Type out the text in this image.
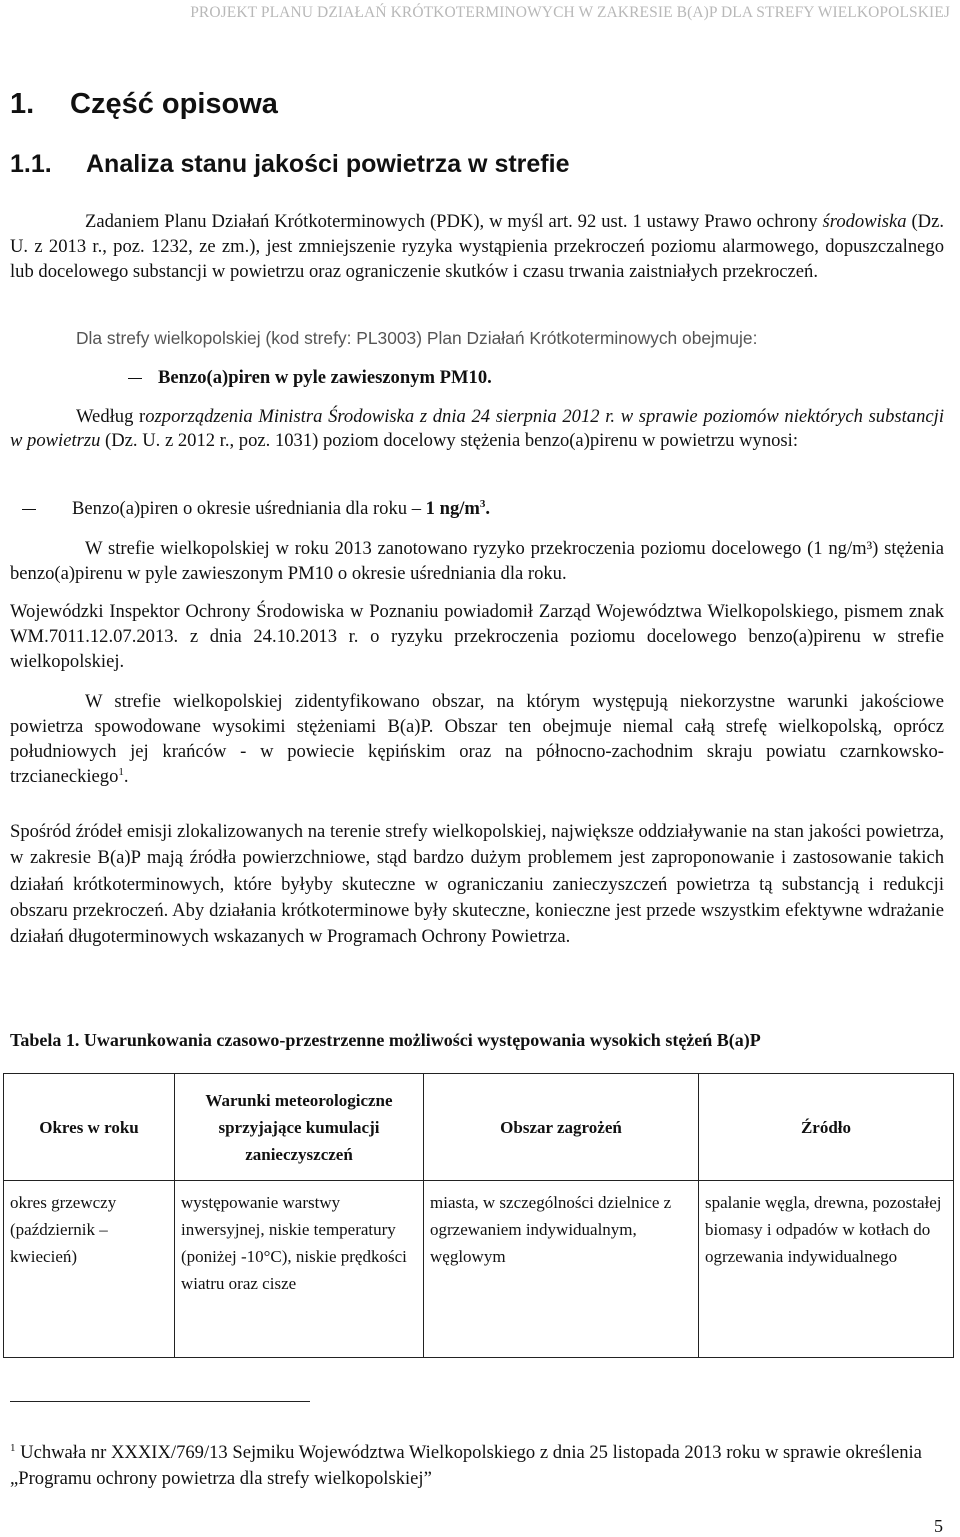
PROJEKT PLANU DZIAŁAŃ KRÓTKOTERMINOWYCH W ZAKRESIE B(A)P DLA STREFY WIELKOPOLSKIEJ
1. Część opisowa
1.1. Analiza stanu jakości powietrza w strefie
Zadaniem Planu Działań Krótkoterminowych (PDK), w myśl art. 92 ust. 1 ustawy Prawo ochrony środowiska (Dz. U. z 2013 r., poz. 1232, ze zm.), jest zmniejszenie ryzyka wystąpienia przekroczeń poziomu alarmowego, dopuszczalnego lub docelowego substancji w powietrzu oraz ograniczenie skutków i czasu trwania zaistniałych przekroczeń.
Dla strefy wielkopolskiej (kod strefy: PL3003) Plan Działań Krótkoterminowych obejmuje:
Benzo(a)piren w pyle zawieszonym PM10.
Według rozporządzenia Ministra Środowiska z dnia 24 sierpnia 2012 r. w sprawie poziomów niektórych substancji w powietrzu (Dz. U. z 2012 r., poz. 1031) poziom docelowy stężenia benzo(a)pirenu w powietrzu wynosi:
Benzo(a)piren o okresie uśredniania dla roku – 1 $ng/m^3$.
W strefie wielkopolskiej w roku 2013 zanotowano ryzyko przekroczenia poziomu docelowego (1 ng/m³) stężenia benzo(a)pirenu w pyle zawieszonym PM10 o okresie uśredniania dla roku.
Wojewódzki Inspektor Ochrony Środowiska w Poznaniu powiadomił Zarząd Województwa Wielkopolskiego, pismem znak WM.7011.12.07.2013. z dnia 24.10.2013 r. o ryzyku przekroczenia poziomu docelowego benzo(a)pirenu w strefie wielkopolskiej.
W strefie wielkopolskiej zidentyfikowano obszar, na którym występują niekorzystne warunki jakościowe powietrza spowodowane wysokimi stężeniami B(a)P. Obszar ten obejmuje niemal całą strefę wielkopolską, oprócz południowych jej krańców - w powiecie kępińskim oraz na północno-zachodnim skraju powiatu czarnkowsko-trzcianeckiego$^1$.
Spośród źródeł emisji zlokalizowanych na terenie strefy wielkopolskiej, największe oddziaływanie na stan jakości powietrza, w zakresie B(a)P mają źródła powierzchniowe, stąd bardzo dużym problemem jest zaproponowanie i zastosowanie takich działań krótkoterminowych, które byłyby skuteczne w ograniczaniu zanieczyszczeń powietrza tą substancją i redukcji obszaru przekroczeń. Aby działania krótkoterminowe były skuteczne, konieczne jest przede wszystkim efektywne wdrażanie działań długoterminowych wskazanych w Programach Ochrony Powietrza.
Tabela 1. Uwarunkowania czasowo-przestrzenne możliwości występowania wysokich stężeń B(a)P
Okres w roku	Warunki meteorologiczne sprzyjające kumulacji zanieczyszczeń	Obszar zagrożeń	Źródło
okres grzewczy (październik – kwiecień)	występowanie warstwy inwersyjnej, niskie temperatury (poniżej -10°C), niskie prędkości wiatru oraz cisze	miasta, w szczególności dzielnice z ogrzewaniem indywidualnym, węglowym	spalanie węgla, drewna, pozostałej biomasy i odpadów w kotłach do ogrzewania indywidualnego
$^1$ Uchwała nr XXXIX/769/13 Sejmiku Województwa Wielkopolskiego z dnia 25 listopada 2013 roku w sprawie określenia „Programu ochrony powietrza dla strefy wielkopolskiej”
5
